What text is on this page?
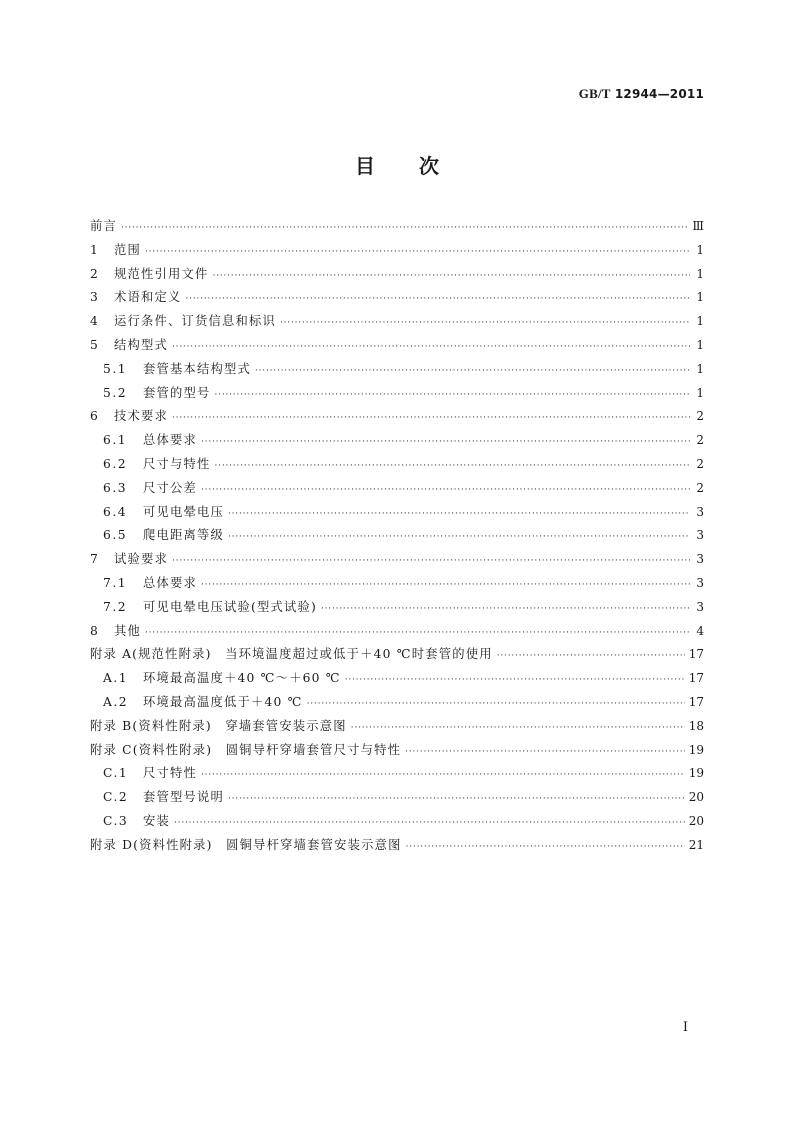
GB/T 12944—2011
目 次
前言 ·····	Ⅲ
1	范围 ·····	1
2	规范性引用文件 ·····	1
3	术语和定义 ·····	1
4	运行条件、订货信息和标识 ·····	1
5	结构型式 ·····	1
5.1	套管基本结构型式 ·····	1
5.2	套管的型号 ·····	1
6	技术要求 ·····	2
6.1	总体要求 ·····	2
6.2	尺寸与特性 ·····	2
6.3	尺寸公差 ·····	2
6.4	可见电晕电压 ·····	3
6.5	爬电距离等级 ·····	3
7	试验要求 ·····	3
7.1	总体要求 ·····	3
7.2	可见电晕电压试验(型式试验) ·····	3
8	其他 ·····	4
附录 A(规范性附录)　当环境温度超过或低于＋40 ℃时套管的使用 ·····	17
A.1	环境最高温度＋40 ℃～＋60 ℃ ·····	17
A.2	环境最高温度低于＋40 ℃ ·····	17
附录 B(资料性附录)　穿墙套管安装示意图 ·····	18
附录 C(资料性附录)　圆铜导杆穿墙套管尺寸与特性 ·····	19
C.1	尺寸特性 ·····	19
C.2	套管型号说明 ·····	20
C.3	安装 ·····	20
附录 D(资料性附录)　圆铜导杆穿墙套管安装示意图 ·····	21
Ⅰ
